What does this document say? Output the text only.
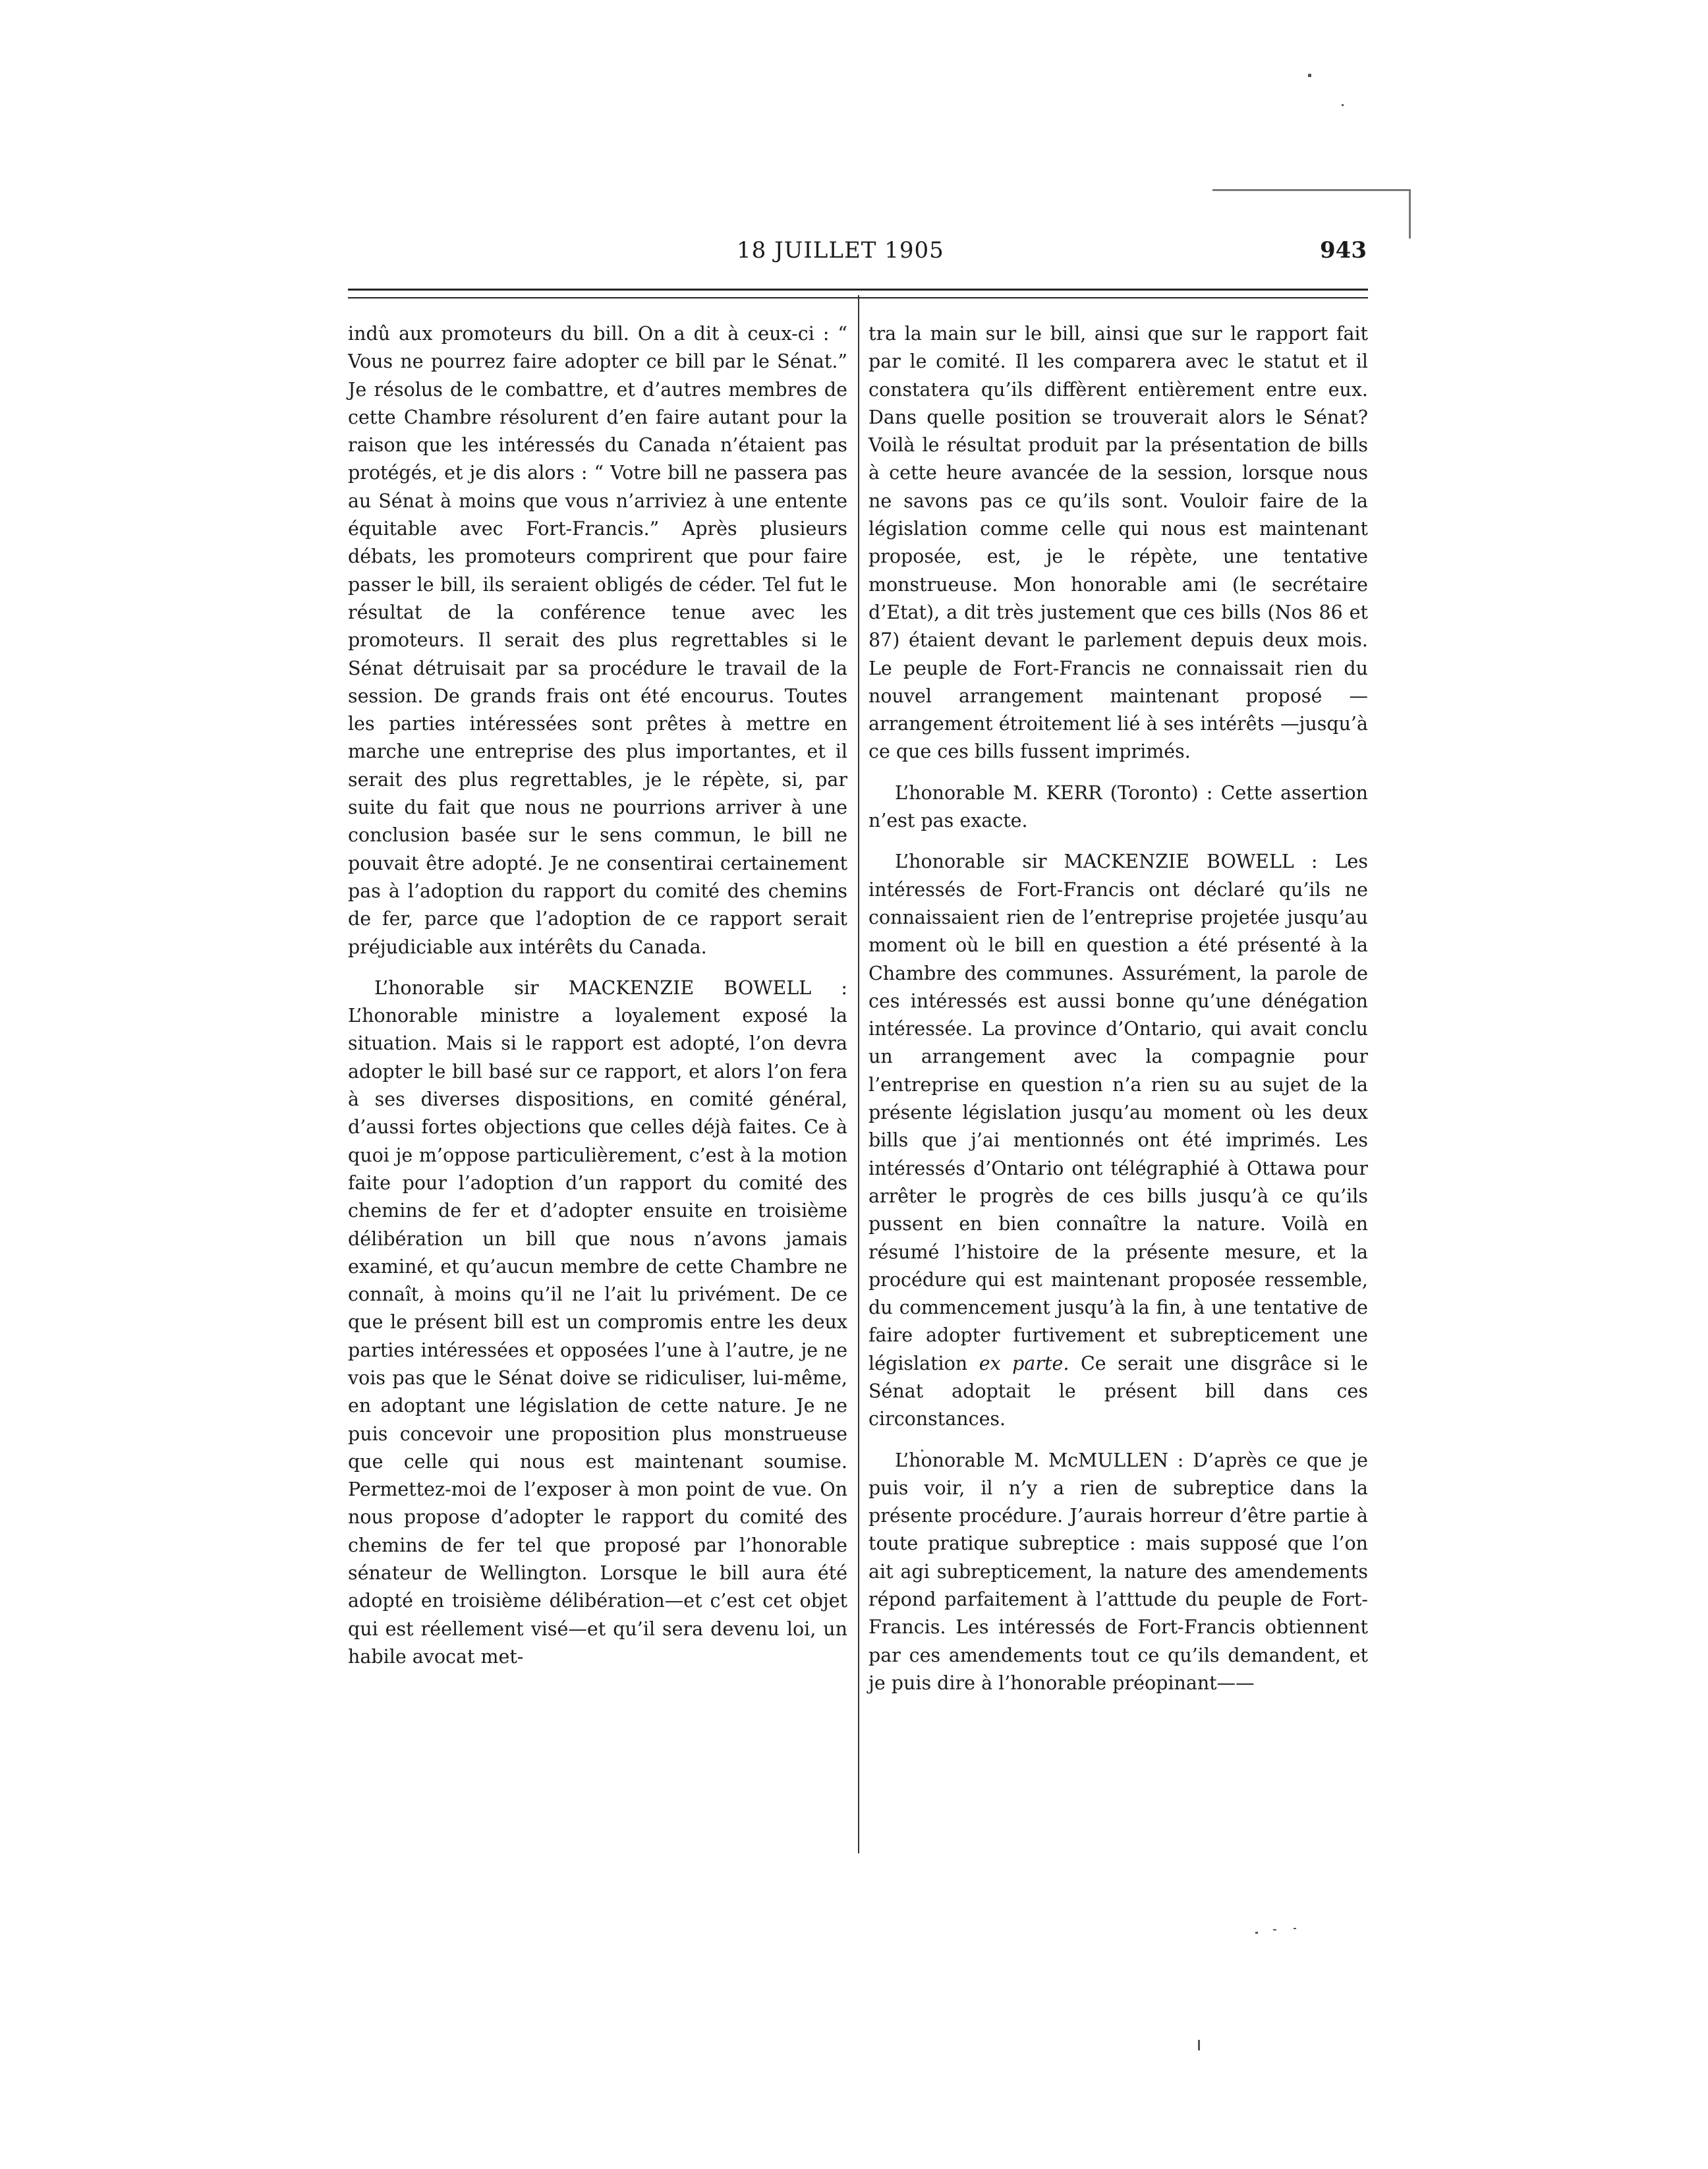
18 JUILLET 1905	943

indû aux promoteurs du bill. On a dit à ceux-ci : “ Vous ne pourrez faire adopter ce bill par le Sénat.” Je résolus de le combattre, et d’autres membres de cette Chambre résolurent d’en faire autant pour la raison que les intéressés du Canada n’étaient pas protégés, et je dis alors : “ Votre bill ne passera pas au Sénat à moins que vous n’arriviez à une entente équitable avec Fort-Francis.” Après plusieurs débats, les promoteurs comprirent que pour faire passer le bill, ils seraient obligés de céder. Tel fut le résultat de la conférence tenue avec les promoteurs. Il serait des plus regrettables si le Sénat détruisait par sa procédure le travail de la session. De grands frais ont été encourus. Toutes les parties intéressées sont prêtes à mettre en marche une entreprise des plus importantes, et il serait des plus regrettables, je le répète, si, par suite du fait que nous ne pourrions arriver à une conclusion basée sur le sens commun, le bill ne pouvait être adopté. Je ne consentirai certainement pas à l’adoption du rapport du comité des chemins de fer, parce que l’adoption de ce rapport serait préjudiciable aux intérêts du Canada.

L’honorable sir MACKENZIE BOWELL : L’honorable ministre a loyalement exposé la situation. Mais si le rapport est adopté, l’on devra adopter le bill basé sur ce rapport, et alors l’on fera à ses diverses dispositions, en comité général, d’aussi fortes objections que celles déjà faites. Ce à quoi je m’oppose particulièrement, c’est à la motion faite pour l’adoption d’un rapport du comité des chemins de fer et d’adopter ensuite en troisième délibération un bill que nous n’avons jamais examiné, et qu’aucun membre de cette Chambre ne connaît, à moins qu’il ne l’ait lu privément. De ce que le présent bill est un compromis entre les deux parties intéressées et opposées l’une à l’autre, je ne vois pas que le Sénat doive se ridiculiser, lui-même, en adoptant une législation de cette nature. Je ne puis concevoir une proposition plus monstrueuse que celle qui nous est maintenant soumise. Permettez-moi de l’exposer à mon point de vue. On nous propose d’adopter le rapport du comité des chemins de fer tel que proposé par l’honorable sénateur de Wellington. Lorsque le bill aura été adopté en troisième délibération—et c’est cet objet qui est réellement visé—et qu’il sera devenu loi, un habile avocat met-

tra la main sur le bill, ainsi que sur le rapport fait par le comité. Il les comparera avec le statut et il constatera qu’ils diffèrent entièrement entre eux. Dans quelle position se trouverait alors le Sénat? Voilà le résultat produit par la présentation de bills à cette heure avancée de la session, lorsque nous ne savons pas ce qu’ils sont. Vouloir faire de la législation comme celle qui nous est maintenant proposée, est, je le répète, une tentative monstrueuse. Mon honorable ami (le secrétaire d’Etat), a dit très justement que ces bills (Nos 86 et 87) étaient devant le parlement depuis deux mois. Le peuple de Fort-Francis ne connaissait rien du nouvel arrangement maintenant proposé —arrangement étroitement lié à ses intérêts —jusqu’à ce que ces bills fussent imprimés.

L’honorable M. KERR (Toronto) : Cette assertion n’est pas exacte.

L’honorable sir MACKENZIE BOWELL : Les intéressés de Fort-Francis ont déclaré qu’ils ne connaissaient rien de l’entreprise projetée jusqu’au moment où le bill en question a été présenté à la Chambre des communes. Assurément, la parole de ces intéressés est aussi bonne qu’une dénégation intéressée. La province d’Ontario, qui avait conclu un arrangement avec la compagnie pour l’entreprise en question n’a rien su au sujet de la présente législation jusqu’au moment où les deux bills que j’ai mentionnés ont été imprimés. Les intéressés d’Ontario ont télégraphié à Ottawa pour arrêter le progrès de ces bills jusqu’à ce qu’ils pussent en bien connaître la nature. Voilà en résumé l’histoire de la présente mesure, et la procédure qui est maintenant proposée ressemble, du commencement jusqu’à la fin, à une tentative de faire adopter furtivement et subrepticement une législation ex parte. Ce serait une disgrâce si le Sénat adoptait le présent bill dans ces circonstances.

L’honorable M. McMULLEN : D’après ce que je puis voir, il n’y a rien de subreptice dans la présente procédure. J’aurais horreur d’être partie à toute pratique subreptice : mais supposé que l’on ait agi subrepticement, la nature des amendements répond parfaitement à l’atttude du peuple de Fort-Francis. Les intéressés de Fort-Francis obtiennent par ces amendements tout ce qu’ils demandent, et je puis dire à l’honorable préopinant——
